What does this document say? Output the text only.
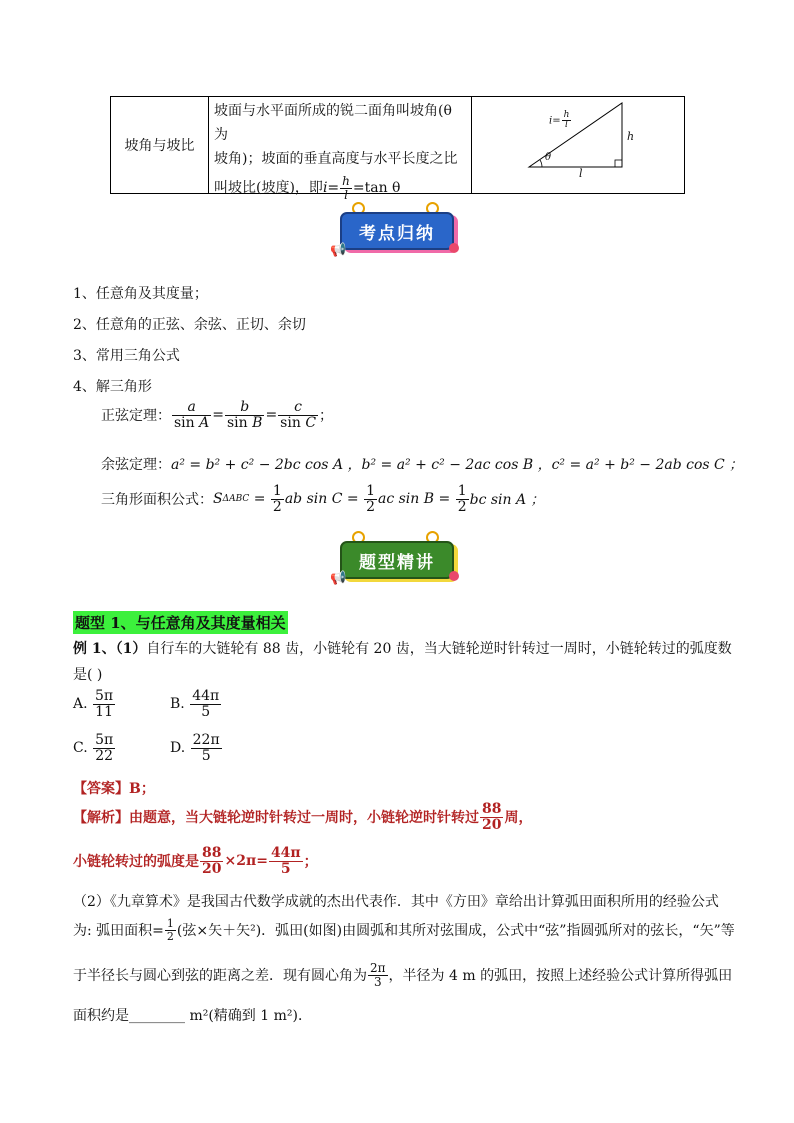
坡角与坡比
坡面与水平面所成的锐二面角叫坡角(θ为
坡角)；坡面的垂直高度与水平长度之比
叫坡比(坡度)，即$i= \frac{h}{l} =\tan$ θ
θ
h
l
$i= \frac{h}{l}$
考点归纳
📢
1、任意角及其度量；
2、任意角的正弦、余弦、正切、余切
3、常用三角公式
4、解三角形
正弦定理： $\frac{a}{\text{sin A}} = \frac{b}{\text{sin B}} = \frac{c}{\text{sin C}}$ ；
余弦定理：a² = b² + c² − 2bc cos A ，b² = a² + c² − 2ac cos B ，c² = a² + b² − 2ab cos C ；
三角形面积公式： S $\Delta ABC = \frac{1}{2}$ ab sin C =
$\frac{1}{2}$ ac sin B =
$\frac{1}{2}$ bc sin A ；
题型精讲
📢
题型 1、与任意角及其度量相关
例 1、（1）自行车的大链轮有 88 齿，小链轮有 20 齿，当大链轮逆时针转过一周时，小链轮转过的弧度数
是( )
A.
$\frac{5\pi}{11}$	B.
$\frac{44\pi}{5}$
C.
$\frac{5\pi}{22}$	D.
$\frac{22\pi}{5}$
【答案】B；
【解析】由题意，当大链轮逆时针转过一周时，小链轮逆时针转过 $\frac{88}{20}$ 周，
小链轮转过的弧度是 $\frac{88}{20} \times 2\pi= \frac{44\pi}{5}$ ；
（2）《九章算术》是我国古代数学成就的杰出代表作．其中《方田》章给出计算弧田面积所用的经验公式
为: 弧田面积= $\frac{1}{2}$ (弦×矢＋矢²)．弧田(如图)由圆弧和其所对弦围成，公式中“弦”指圆弧所对的弦长，“矢”等
于半径长与圆心到弦的距离之差．现有圆心角为 $\frac{2\pi}{3}$ ，半径为 4 m 的弧田，按照上述经验公式计算所得弧田
面积约是________ m²(精确到 1 m²)．
